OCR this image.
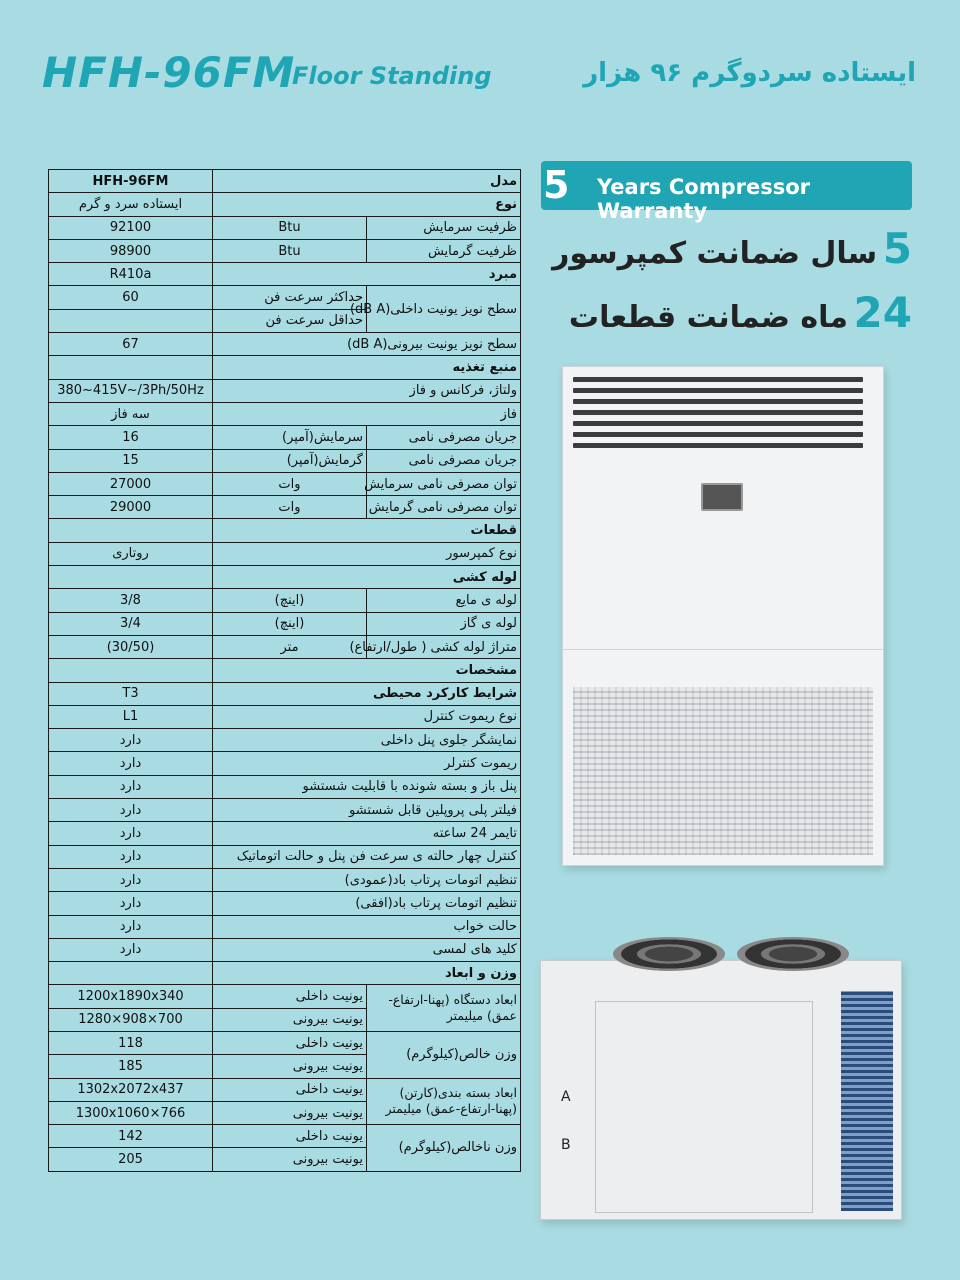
HFH-96FM
Floor Standing	ایستاده سردوگرم ۹۶ هزار
HFH-96FM	مدل	
ایستاده سرد و گرم	نوع	
92100	Btu	ظرفیت سرمایش
98900	Btu	ظرفیت گرمایش
R410a	مبرد	
60	حداکثر سرعت فن	سطح نویز یونیت داخلی(dB A)
	حداقل سرعت فن	
67	سطح نویز یونیت بیرونی(dB A)	
	منبع تغذیه	
380~415V~/3Ph/50Hz	ولتاژ، فرکانس و فاز	
سه فاز	فاز	
16	سرمایش(آمپر)	جریان مصرفی نامی
15	گرمایش(آمپر)	جریان مصرفی نامی
27000	وات	توان مصرفی نامی سرمایش
29000	وات	توان مصرفی نامی گرمایش
	قطعات	
روتاری	نوع کمپرسور	
	لوله کشی	
3/8	(اینچ)	لوله ی مایع
3/4	(اینچ)	لوله ی گاز
(30/50)	متر	متراژ لوله کشی ( طول/ارتفاع)
	مشخصات	
T3	شرایط کارکرد محیطی	
L1	نوع ریموت کنترل	
دارد	نمایشگر جلوی پنل داخلی	
دارد	ریموت کنترلر	
دارد	پنل باز و بسته شونده با قابلیت شستشو	
دارد	فیلتر پلی پروپلین قابل شستشو	
دارد	تایمر 24 ساعته	
دارد	کنترل چهار حالته ی سرعت فن پنل و حالت اتوماتیک	
دارد	تنظیم اتومات پرتاب باد(عمودی)	
دارد	تنظیم اتومات پرتاب باد(افقی)	
دارد	حالت خواب	
دارد	کلید های لمسی	
	وزن و ابعاد	
1200x1890x340	یونیت داخلی	ابعاد دستگاه (پهنا-ارتفاع-عمق) میلیمتر
1280×908×700	یونیت بیرونی	
118	یونیت داخلی	وزن خالص(کیلوگرم)
185	یونیت بیرونی	
1302x2072x437	یونیت داخلی	ابعاد بسته بندی(کارتن) (پهنا-ارتفاع-عمق) میلیمتر
1300x1060×766	یونیت بیرونی	
142	یونیت داخلی	وزن ناخالص(کیلوگرم)
205	یونیت بیرونی	
5 Years Compressor Warranty
5 سال ضمانت کمپرسور
24 ماه ضمانت قطعات
A
B
